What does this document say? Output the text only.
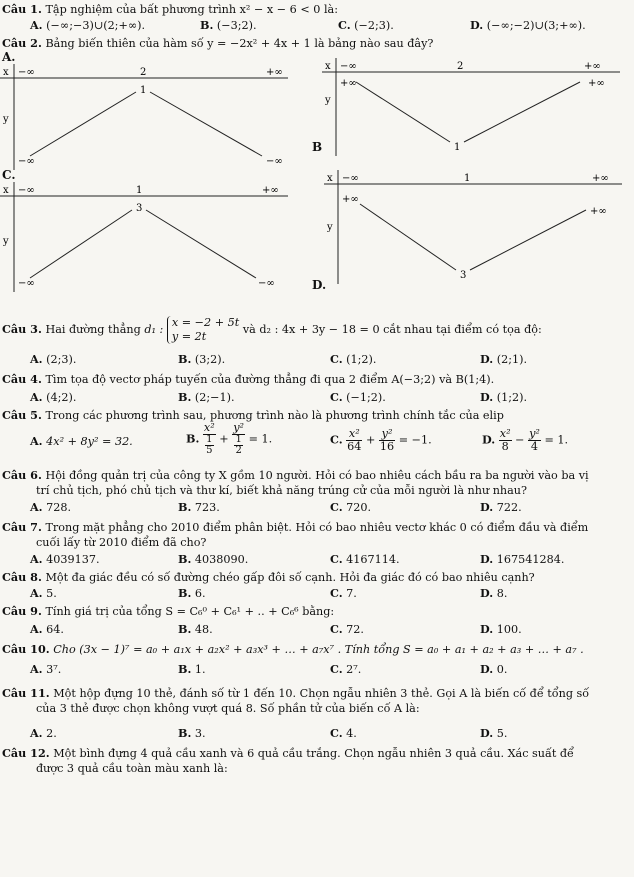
Câu 1. Tập nghiệm của bất phương trình x² − x − 6 < 0 là:
A. (−∞;−3)∪(2;+∞).	B. (−3;2).	C. (−2;3).	D. (−∞;−2)∪(3;+∞).
Câu 2. Bảng biến thiên của hàm số y = −2x² + 4x + 1 là bảng nào sau đây?
A.
x −∞	2	+∞
y
1
−∞	−∞
x −∞	2	+∞
y
+∞	+∞
1
B
C.
x −∞	1	+∞
y
3
−∞	−∞
x −∞	1	+∞
y
+∞
+∞
3
D.
Câu 3. Hai đường thẳng d₁ :
x = −2 + 5t
y = 2t
và d₂ : 4x + 3y − 18 = 0 cắt nhau tại điểm có tọa độ:
A. (2;3).	B. (3;2).	C. (1;2).	D. (2;1).
Câu 4. Tìm tọa độ vectơ pháp tuyến của đường thẳng đi qua 2 điểm A(−3;2) và B(1;4).
A. (4;2).	B. (2;−1).	C. (−1;2).	D. (1;2).
Câu 5. Trong các phương trình sau, phương trình nào là phương trình chính tắc của elip
A. 4x² + 8y² = 32.	B. $\frac{\text{x²}}{\frac{1}{5}} + \frac{\text{y²}}{\frac{1}{2}} = 1$.	C. $\frac{\text{x²}}{64} + \frac{\text{y²}}{16} = -1$.	D. $\frac{\text{x²}}{8} - \frac{\text{y²}}{4} = 1$.
Câu 6. Hội đồng quản trị của công ty X gồm 10 người. Hỏi có bao nhiêu cách bầu ra ba người vào ba vị
trí chủ tịch, phó chủ tịch và thư kí, biết khả năng trúng cử của mỗi người là như nhau?
A. 728.	B. 723.	C. 720.	D. 722.
Câu 7. Trong mặt phẳng cho 2010 điểm phân biệt. Hỏi có bao nhiêu vectơ khác 0 có điểm đầu và điểm
cuối lấy từ 2010 điểm đã cho?
A. 4039137.	B. 4038090.	C. 4167114.	D. 167541284.
Câu 8. Một đa giác đều có số đường chéo gấp đôi số cạnh. Hỏi đa giác đó có bao nhiêu cạnh?
A. 5.	B. 6.	C. 7.	D. 8.
Câu 9. Tính giá trị của tổng S = C₆⁰ + C₆¹ + .. + C₆⁶ bằng:
A. 64.	B. 48.	C. 72.	D. 100.
Câu 10. Cho (3x − 1)⁷ = a₀ + a₁x + a₂x² + a₃x³ + … + a₇x⁷ . Tính tổng S = a₀ + a₁ + a₂ + a₃ + … + a₇ .
A. 3⁷.	B. 1.	C. 2⁷.	D. 0.
Câu 11. Một hộp đựng 10 thẻ, đánh số từ 1 đến 10. Chọn ngẫu nhiên 3 thẻ. Gọi A là biến cố để tổng số
của 3 thẻ được chọn không vượt quá 8. Số phần tử của biến cố A là:
A. 2.	B. 3.	C. 4.	D. 5.
Câu 12. Một bình đựng 4 quả cầu xanh và 6 quả cầu trắng. Chọn ngẫu nhiên 3 quả cầu. Xác suất để
được 3 quả cầu toàn màu xanh là:
